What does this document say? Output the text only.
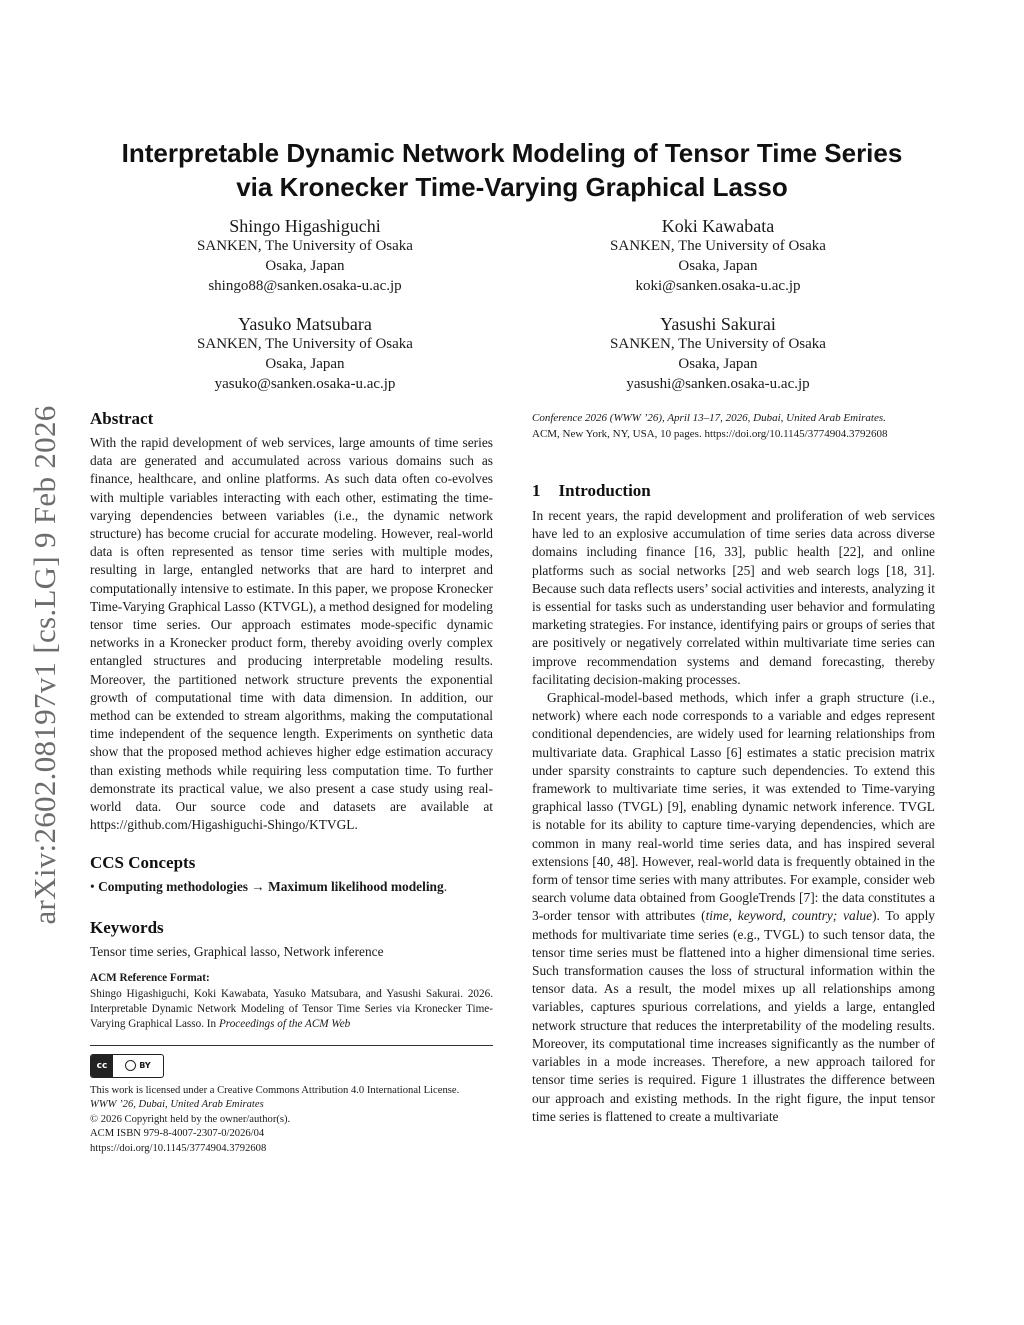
arXiv:2602.08197v1 [cs.LG] 9 Feb 2026
Interpretable Dynamic Network Modeling of Tensor Time Series
via Kronecker Time-Varying Graphical Lasso
Shingo Higashiguchi
SANKEN, The University of Osaka
Osaka, Japan
shingo88@sanken.osaka-u.ac.jp
Koki Kawabata
SANKEN, The University of Osaka
Osaka, Japan
koki@sanken.osaka-u.ac.jp
Yasuko Matsubara
SANKEN, The University of Osaka
Osaka, Japan
yasuko@sanken.osaka-u.ac.jp
Yasushi Sakurai
SANKEN, The University of Osaka
Osaka, Japan
yasushi@sanken.osaka-u.ac.jp
Abstract

With the rapid development of web services, large amounts of time series data are generated and accumulated across various domains such as finance, healthcare, and online platforms. As such data often co-evolves with multiple variables interacting with each other, estimating the time-varying dependencies between variables (i.e., the dynamic network structure) has become crucial for accurate modeling. However, real-world data is often represented as tensor time series with multiple modes, resulting in large, entangled networks that are hard to interpret and computationally intensive to estimate. In this paper, we propose Kronecker Time-Varying Graphical Lasso (KTVGL), a method designed for modeling tensor time series. Our approach estimates mode-specific dynamic networks in a Kronecker product form, thereby avoiding overly complex entangled structures and producing interpretable modeling results. Moreover, the partitioned network structure prevents the exponential growth of computational time with data dimension. In addition, our method can be extended to stream algorithms, making the computational time independent of the sequence length. Experiments on synthetic data show that the proposed method achieves higher edge estimation accuracy than existing methods while requiring less computation time. To further demonstrate its practical value, we also present a case study using real-world data. Our source code and datasets are available at https://github.com/Higashiguchi-Shingo/KTVGL.

CCS Concepts

• Computing methodologies → Maximum likelihood modeling.

Keywords

Tensor time series, Graphical lasso, Network inference

ACM Reference Format:

Shingo Higashiguchi, Koki Kawabata, Yasuko Matsubara, and Yasushi Sakurai. 2026. Interpretable Dynamic Network Modeling of Tensor Time Series via Kronecker Time-Varying Graphical Lasso. In Proceedings of the ACM Web

cc	BY
This work is licensed under a Creative Commons Attribution 4.0 International License.
WWW ’26, Dubai, United Arab Emirates
© 2026 Copyright held by the owner/author(s).
ACM ISBN 979-8-4007-2307-0/2026/04
https://doi.org/10.1145/3774904.3792608
Conference 2026 (WWW ’26), April 13–17, 2026, Dubai, United Arab Emirates.
ACM, New York, NY, USA, 10 pages. https://doi.org/10.1145/3774904.3792608
1 Introduction

In recent years, the rapid development and proliferation of web services have led to an explosive accumulation of time series data across diverse domains including finance [16, 33], public health [22], and online platforms such as social networks [25] and web search logs [18, 31]. Because such data reflects users’ social activities and interests, analyzing it is essential for tasks such as understanding user behavior and formulating marketing strategies. For instance, identifying pairs or groups of series that are positively or negatively correlated within multivariate time series can improve recommendation systems and demand forecasting, thereby facilitating decision-making processes.

Graphical-model-based methods, which infer a graph structure (i.e., network) where each node corresponds to a variable and edges represent conditional dependencies, are widely used for learning relationships from multivariate data. Graphical Lasso [6] estimates a static precision matrix under sparsity constraints to capture such dependencies. To extend this framework to multivariate time series, it was extended to Time-varying graphical lasso (TVGL) [9], enabling dynamic network inference. TVGL is notable for its ability to capture time-varying dependencies, which are common in many real-world time series data, and has inspired several extensions [40, 48]. However, real-world data is frequently obtained in the form of tensor time series with many attributes. For example, consider web search volume data obtained from GoogleTrends [7]: the data constitutes a 3-order tensor with attributes (time, keyword, country; value). To apply methods for multivariate time series (e.g., TVGL) to such tensor data, the tensor time series must be flattened into a higher dimensional time series. Such transformation causes the loss of structural information within the tensor data. As a result, the model mixes up all relationships among variables, captures spurious correlations, and yields a large, entangled network structure that reduces the interpretability of the modeling results. Moreover, its computational time increases significantly as the number of variables in a mode increases. Therefore, a new approach tailored for tensor time series is required. Figure 1 illustrates the difference between our approach and existing methods. In the right figure, the input tensor time series is flattened to create a multivariate
